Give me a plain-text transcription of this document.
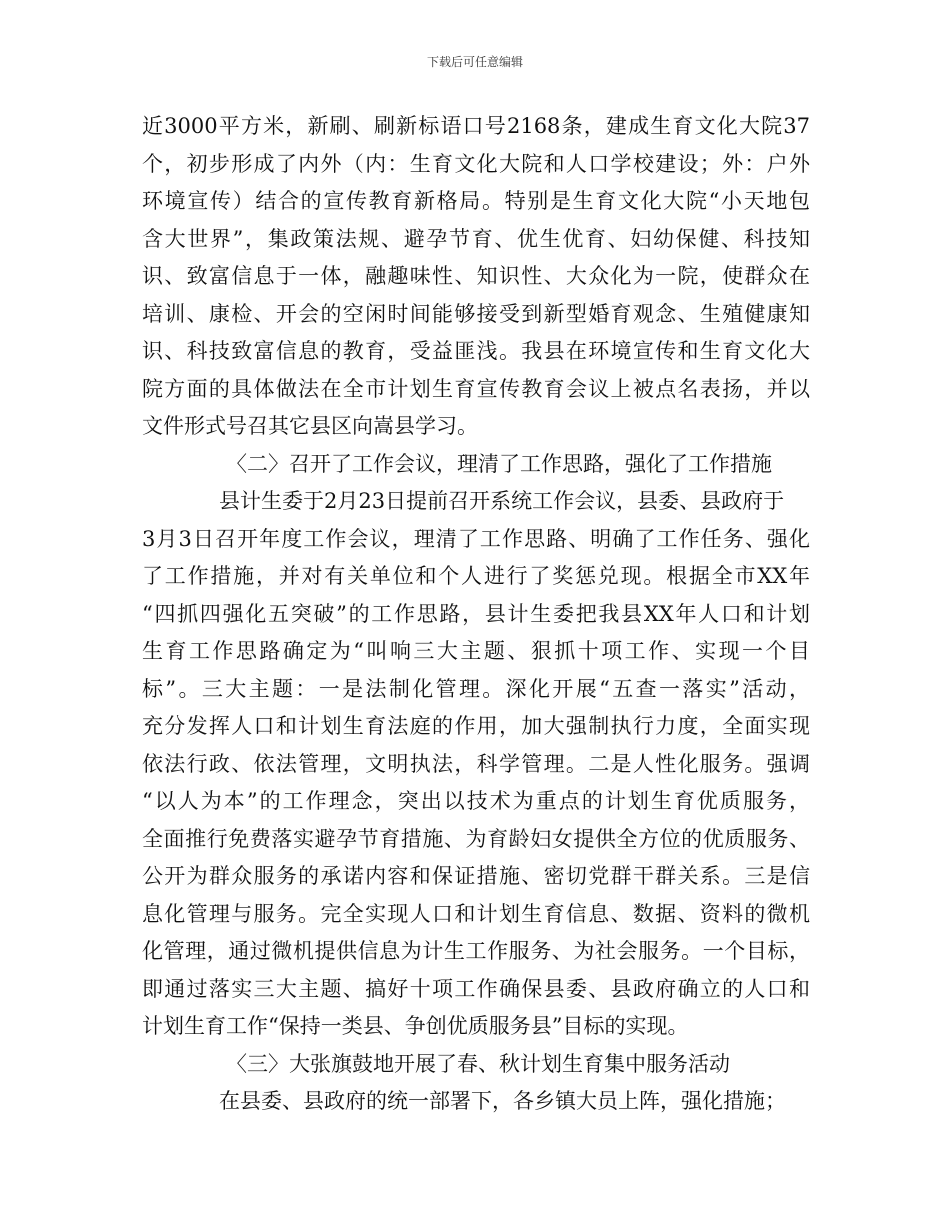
下载后可任意编辑
近3000平方米，新刷、刷新标语口号2168条，建成生育文化大院37
个，初步形成了内外（内：生育文化大院和人口学校建设；外：户外
环境宣传）结合的宣传教育新格局。特别是生育文化大院“小天地包
含大世界”，集政策法规、避孕节育、优生优育、妇幼保健、科技知
识、致富信息于一体，融趣味性、知识性、大众化为一院，使群众在
培训、康检、开会的空闲时间能够接受到新型婚育观念、生殖健康知
识、科技致富信息的教育，受益匪浅。我县在环境宣传和生育文化大
院方面的具体做法在全市计划生育宣传教育会议上被点名表扬，并以
文件形式号召其它县区向嵩县学习。
〈二〉召开了工作会议，理清了工作思路，强化了工作措施
县计生委于2月23日提前召开系统工作会议，县委、县政府于
3月3日召开年度工作会议，理清了工作思路、明确了工作任务、强化
了工作措施，并对有关单位和个人进行了奖惩兑现。根据全市XX年
“四抓四强化五突破”的工作思路，县计生委把我县XX年人口和计划
生育工作思路确定为“叫响三大主题、狠抓十项工作、实现一个目
标”。三大主题：一是法制化管理。深化开展“五查一落实”活动，
充分发挥人口和计划生育法庭的作用，加大强制执行力度，全面实现
依法行政、依法管理，文明执法，科学管理。二是人性化服务。强调
“以人为本”的工作理念，突出以技术为重点的计划生育优质服务，
全面推行免费落实避孕节育措施、为育龄妇女提供全方位的优质服务、
公开为群众服务的承诺内容和保证措施、密切党群干群关系。三是信
息化管理与服务。完全实现人口和计划生育信息、数据、资料的微机
化管理，通过微机提供信息为计生工作服务、为社会服务。一个目标，
即通过落实三大主题、搞好十项工作确保县委、县政府确立的人口和
计划生育工作“保持一类县、争创优质服务县”目标的实现。
〈三〉大张旗鼓地开展了春、秋计划生育集中服务活动
在县委、县政府的统一部署下，各乡镇大员上阵，强化措施；
